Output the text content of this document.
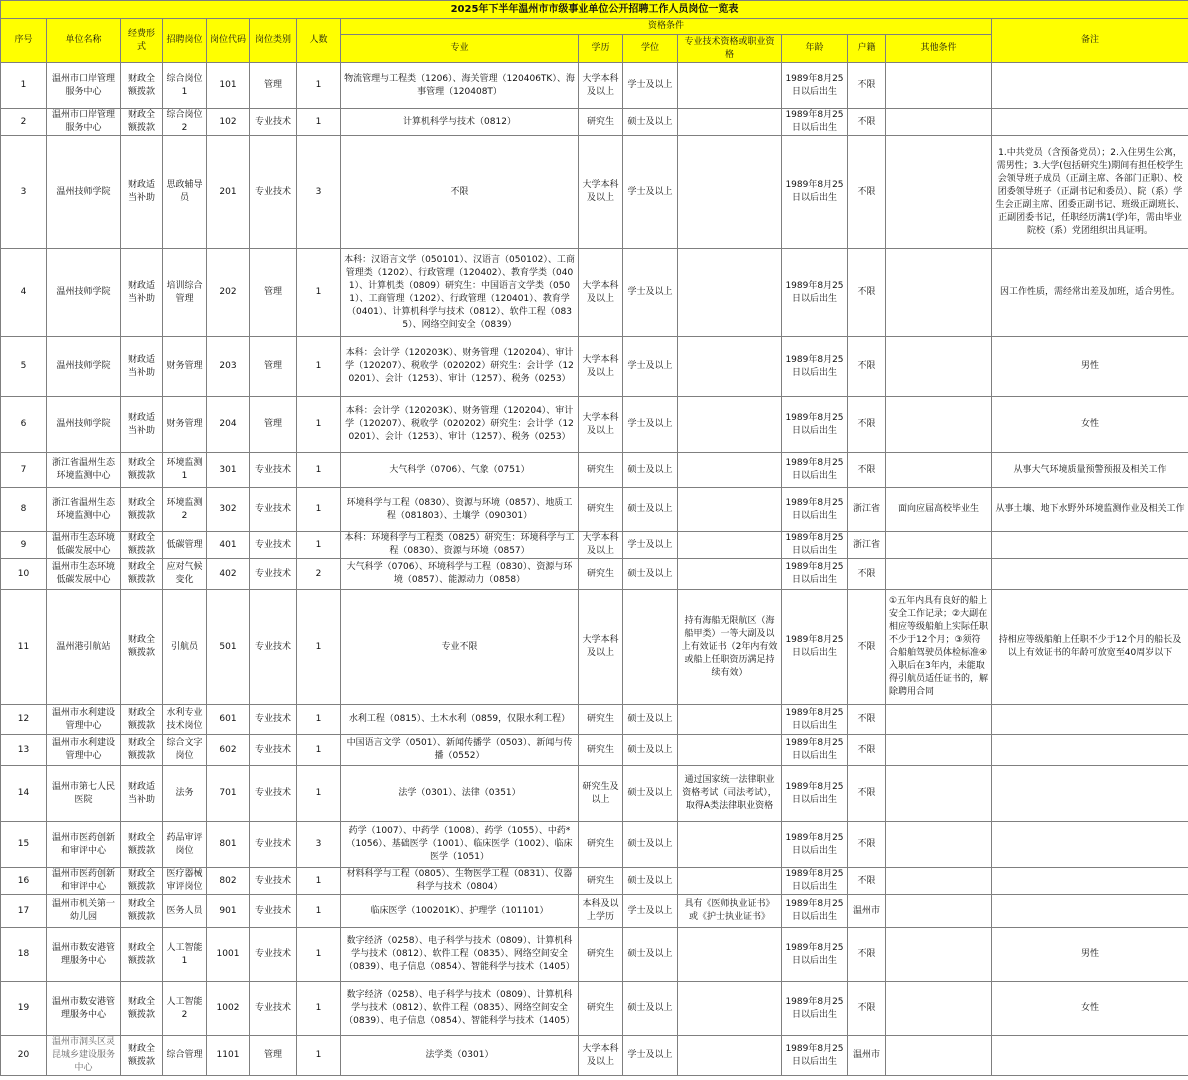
2025年下半年温州市市级事业单位公开招聘工作人员岗位一览表														
序号	单位名称	经费形式	招聘岗位	岗位代码	岗位类别	人数	资格条件							备注
							专业	学历	学位	专业技术资格或职业资格	年龄	户籍	其他条件	
1	温州市口岸管理服务中心	财政全额拨款	综合岗位1	101	管理	1	物流管理与工程类（1206）、海关管理（120406TK）、海事管理（120408T）	大学本科及以上	学士及以上		1989年8月25日以后出生	不限		
2	温州市口岸管理服务中心	财政全额拨款	综合岗位2	102	专业技术	1	计算机科学与技术（0812）	研究生	硕士及以上		1989年8月25日以后出生	不限		
3	温州技师学院	财政适当补助	思政辅导员	201	专业技术	3	不限	大学本科及以上	学士及以上		1989年8月25日以后出生	不限		1.中共党员（含预备党员）；2.入住男生公寓，需男性；3.大学(包括研究生)期间有担任校学生会领导班子成员（正副主席、各部门正职）、校团委领导班子（正副书记和委员）、院（系）学生会正副主席、团委正副书记、班级正副班长、正副团委书记，任职经历满1(学)年，需由毕业院校（系）党团组织出具证明。
4	温州技师学院	财政适当补助	培训综合管理	202	管理	1	本科：汉语言文学（050101）、汉语言（050102）、工商管理类（1202）、行政管理（120402）、教育学类（0401）、计算机类（0809）研究生：中国语言文学类（0501）、工商管理（1202）、行政管理（120401）、教育学（0401）、计算机科学与技术（0812）、软件工程（0835）、网络空间安全（0839）	大学本科及以上	学士及以上		1989年8月25日以后出生	不限		因工作性质，需经常出差及加班，适合男性。
5	温州技师学院	财政适当补助	财务管理	203	管理	1	本科：会计学（120203K）、财务管理（120204）、审计学（120207）、税收学（020202）研究生：会计学（120201）、会计（1253）、审计（1257）、税务（0253）	大学本科及以上	学士及以上		1989年8月25日以后出生	不限		男性
6	温州技师学院	财政适当补助	财务管理	204	管理	1	本科：会计学（120203K）、财务管理（120204）、审计学（120207）、税收学（020202）研究生：会计学（120201）、会计（1253）、审计（1257）、税务（0253）	大学本科及以上	学士及以上		1989年8月25日以后出生	不限		女性
7	浙江省温州生态环境监测中心	财政全额拨款	环境监测1	301	专业技术	1	大气科学（0706）、气象（0751）	研究生	硕士及以上		1989年8月25日以后出生	不限		从事大气环境质量预警预报及相关工作
8	浙江省温州生态环境监测中心	财政全额拨款	环境监测2	302	专业技术	1	环境科学与工程（0830）、资源与环境（0857）、地质工程（081803）、土壤学（090301）	研究生	硕士及以上		1989年8月25日以后出生	浙江省	面向应届高校毕业生	从事土壤、地下水野外环境监测作业及相关工作
9	温州市生态环境低碳发展中心	财政全额拨款	低碳管理	401	专业技术	1	本科：环境科学与工程类（0825）研究生：环境科学与工程（0830）、资源与环境（0857）	大学本科及以上	学士及以上		1989年8月25日以后出生	浙江省		
10	温州市生态环境低碳发展中心	财政全额拨款	应对气候变化	402	专业技术	2	大气科学（0706）、环境科学与工程（0830）、资源与环境（0857）、能源动力（0858）	研究生	硕士及以上		1989年8月25日以后出生	不限		
11	温州港引航站	财政全额拨款	引航员	501	专业技术	1	专业不限	大学本科及以上		持有海船无限航区（海船甲类）一等大副及以上有效证书（2年内有效或船上任职资历满足持续有效）	1989年8月25日以后出生	不限	①五年内具有良好的船上安全工作记录；②大副在相应等级船舶上实际任职不少于12个月；③须符合船舶驾驶员体检标准④入职后在3年内，未能取得引航员适任证书的，解除聘用合同	持相应等级船舶上任职不少于12个月的船长及以上有效证书的年龄可放宽至40周岁以下
12	温州市水利建设管理中心	财政全额拨款	水利专业技术岗位	601	专业技术	1	水利工程（0815）、土木水利（0859，仅限水利工程）	研究生	硕士及以上		1989年8月25日以后出生	不限		
13	温州市水利建设管理中心	财政全额拨款	综合文字岗位	602	专业技术	1	中国语言文学（0501）、新闻传播学（0503）、新闻与传播（0552）	研究生	硕士及以上		1989年8月25日以后出生	不限		
14	温州市第七人民医院	财政适当补助	法务	701	专业技术	1	法学（0301）、法律（0351）	研究生及以上	硕士及以上	通过国家统一法律职业资格考试（司法考试），取得A类法律职业资格	1989年8月25日以后出生	不限		
15	温州市医药创新和审评中心	财政全额拨款	药品审评岗位	801	专业技术	3	药学（1007）、中药学（1008）、药学（1055）、中药*（1056）、基础医学（1001）、临床医学（1002）、临床医学（1051）	研究生	硕士及以上		1989年8月25日以后出生	不限		
16	温州市医药创新和审评中心	财政全额拨款	医疗器械审评岗位	802	专业技术	1	材料科学与工程（0805）、生物医学工程（0831）、仪器科学与技术（0804）	研究生	硕士及以上		1989年8月25日以后出生	不限		
17	温州市机关第一幼儿园	财政全额拨款	医务人员	901	专业技术	1	临床医学（100201K）、护理学（101101）	本科及以上学历	学士及以上	具有《医师执业证书》或《护士执业证书》	1989年8月25日以后出生	温州市		
18	温州市数安港管理服务中心	财政全额拨款	人工智能1	1001	专业技术	1	数字经济（0258）、电子科学与技术（0809）、计算机科学与技术（0812）、软件工程（0835）、网络空间安全（0839）、电子信息（0854）、智能科学与技术（1405）	研究生	硕士及以上		1989年8月25日以后出生	不限		男性
19	温州市数安港管理服务中心	财政全额拨款	人工智能2	1002	专业技术	1	数字经济（0258）、电子科学与技术（0809）、计算机科学与技术（0812）、软件工程（0835）、网络空间安全（0839）、电子信息（0854）、智能科学与技术（1405）	研究生	硕士及以上		1989年8月25日以后出生	不限		女性
20	温州市洞头区灵昆城乡建设服务中心	财政全额拨款	综合管理	1101	管理	1	法学类（0301）	大学本科及以上	学士及以上		1989年8月25日以后出生	温州市		
